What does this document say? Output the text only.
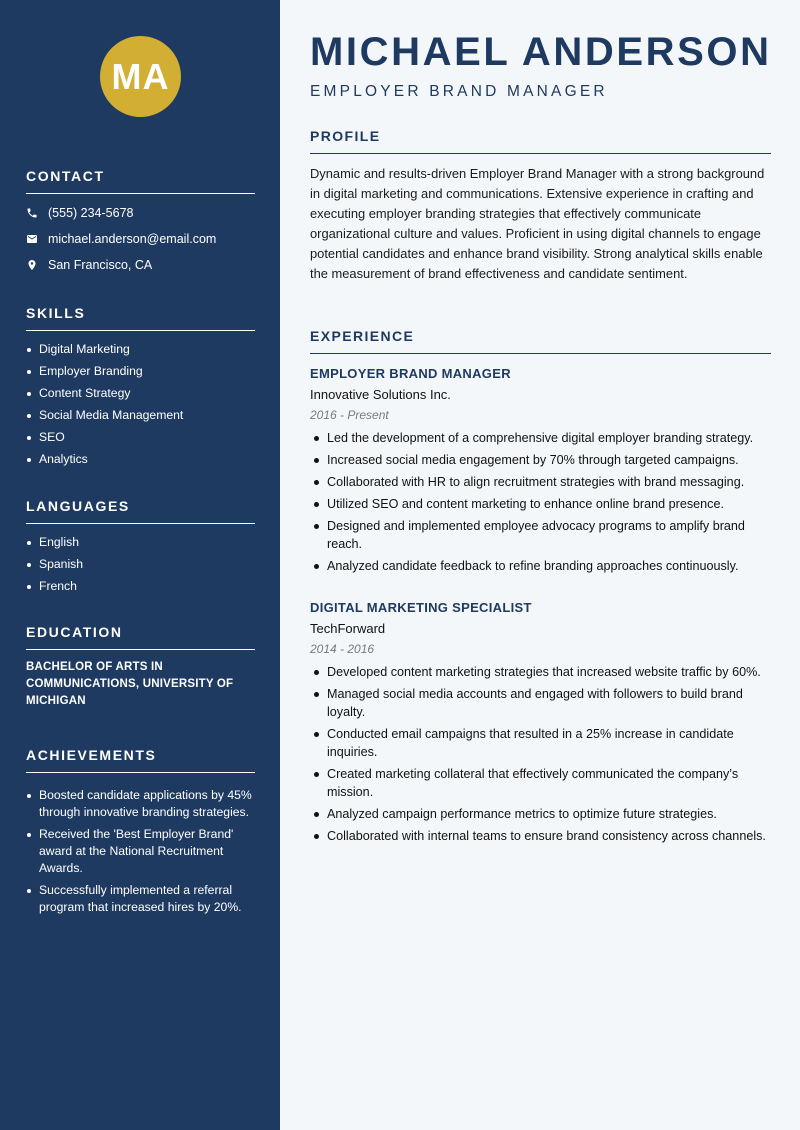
MA
CONTACT
(555) 234-5678
michael.anderson@email.com
San Francisco, CA
SKILLS
Digital Marketing
Employer Branding
Content Strategy
Social Media Management
SEO
Analytics
LANGUAGES
English
Spanish
French
EDUCATION
BACHELOR OF ARTS IN COMMUNICATIONS, UNIVERSITY OF MICHIGAN
ACHIEVEMENTS
Boosted candidate applications by 45% through innovative branding strategies.
Received the 'Best Employer Brand' award at the National Recruitment Awards.
Successfully implemented a referral program that increased hires by 20%.
MICHAEL ANDERSON
EMPLOYER BRAND MANAGER
PROFILE
Dynamic and results-driven Employer Brand Manager with a strong background in digital marketing and communications. Extensive experience in crafting and executing employer branding strategies that effectively communicate organizational culture and values. Proficient in using digital channels to engage potential candidates and enhance brand visibility. Strong analytical skills enable the measurement of brand effectiveness and candidate sentiment.
EXPERIENCE
EMPLOYER BRAND MANAGER
Innovative Solutions Inc.
2016 - Present
Led the development of a comprehensive digital employer branding strategy.
Increased social media engagement by 70% through targeted campaigns.
Collaborated with HR to align recruitment strategies with brand messaging.
Utilized SEO and content marketing to enhance online brand presence.
Designed and implemented employee advocacy programs to amplify brand reach.
Analyzed candidate feedback to refine branding approaches continuously.
DIGITAL MARKETING SPECIALIST
TechForward
2014 - 2016
Developed content marketing strategies that increased website traffic by 60%.
Managed social media accounts and engaged with followers to build brand loyalty.
Conducted email campaigns that resulted in a 25% increase in candidate inquiries.
Created marketing collateral that effectively communicated the company’s mission.
Analyzed campaign performance metrics to optimize future strategies.
Collaborated with internal teams to ensure brand consistency across channels.
